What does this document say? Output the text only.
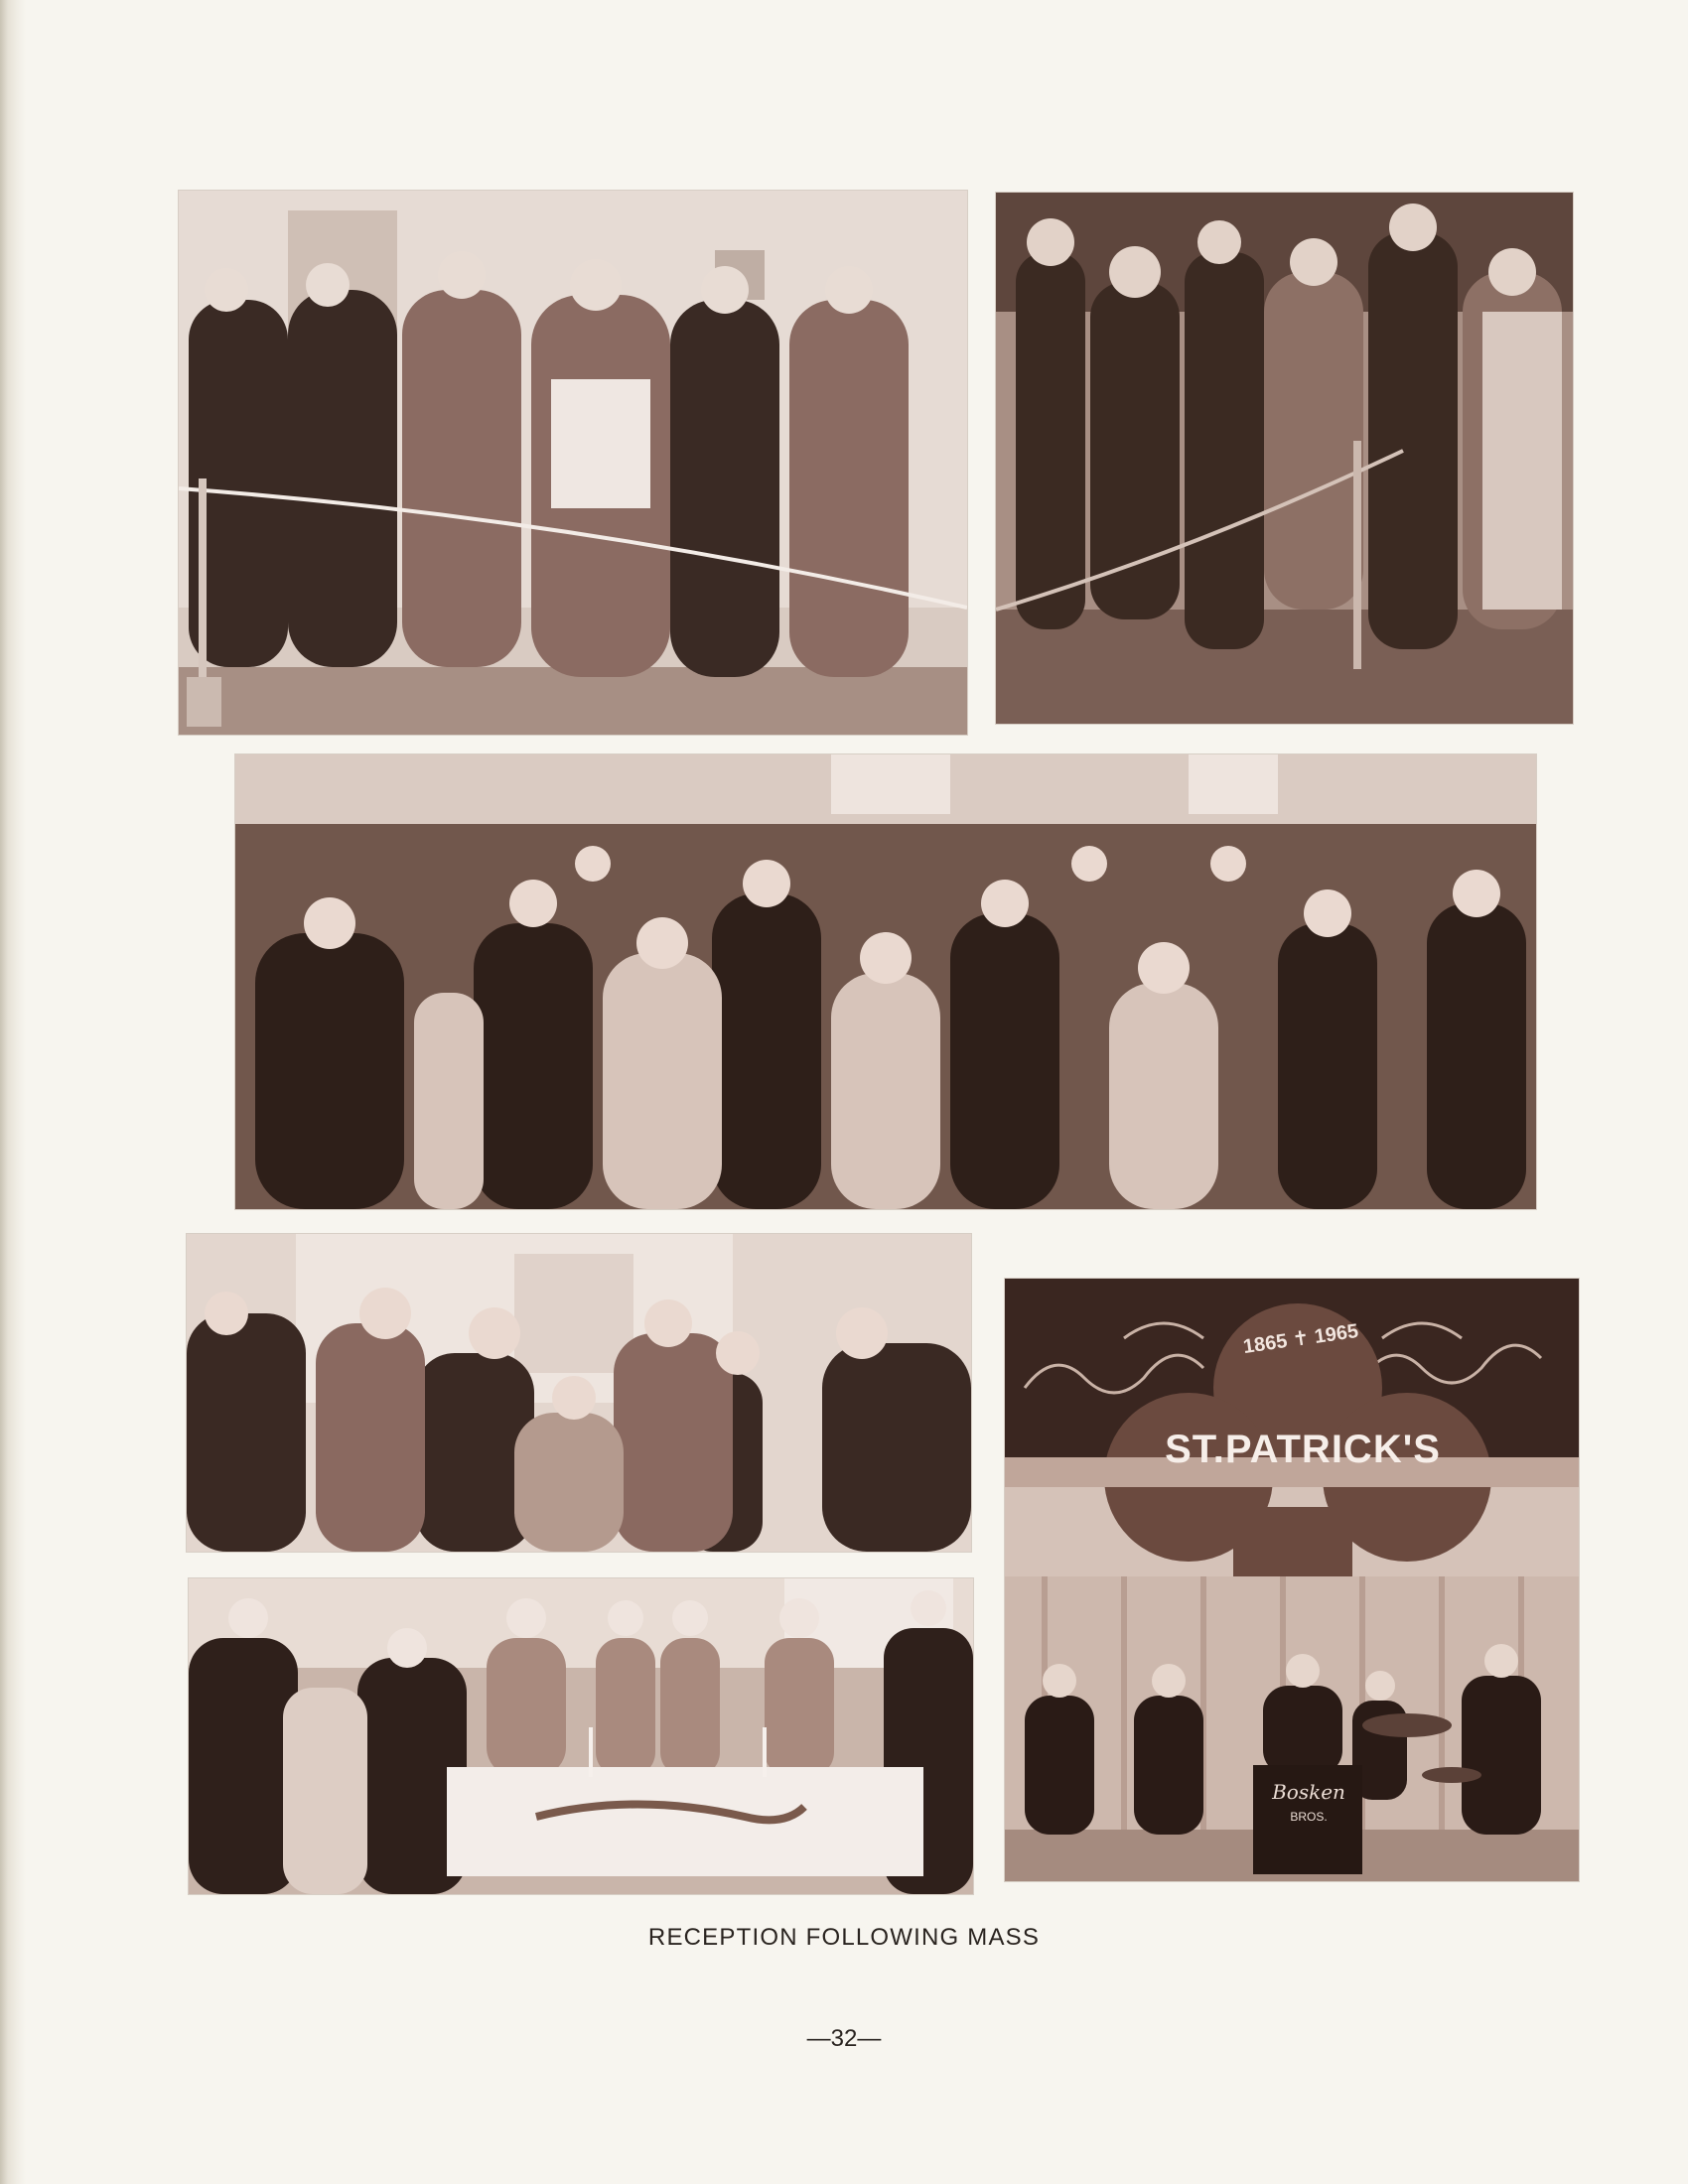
1865 ✝ 1965
ST.PATRICK'S
Bosken
BROS.
RECEPTION FOLLOWING MASS
—32—
